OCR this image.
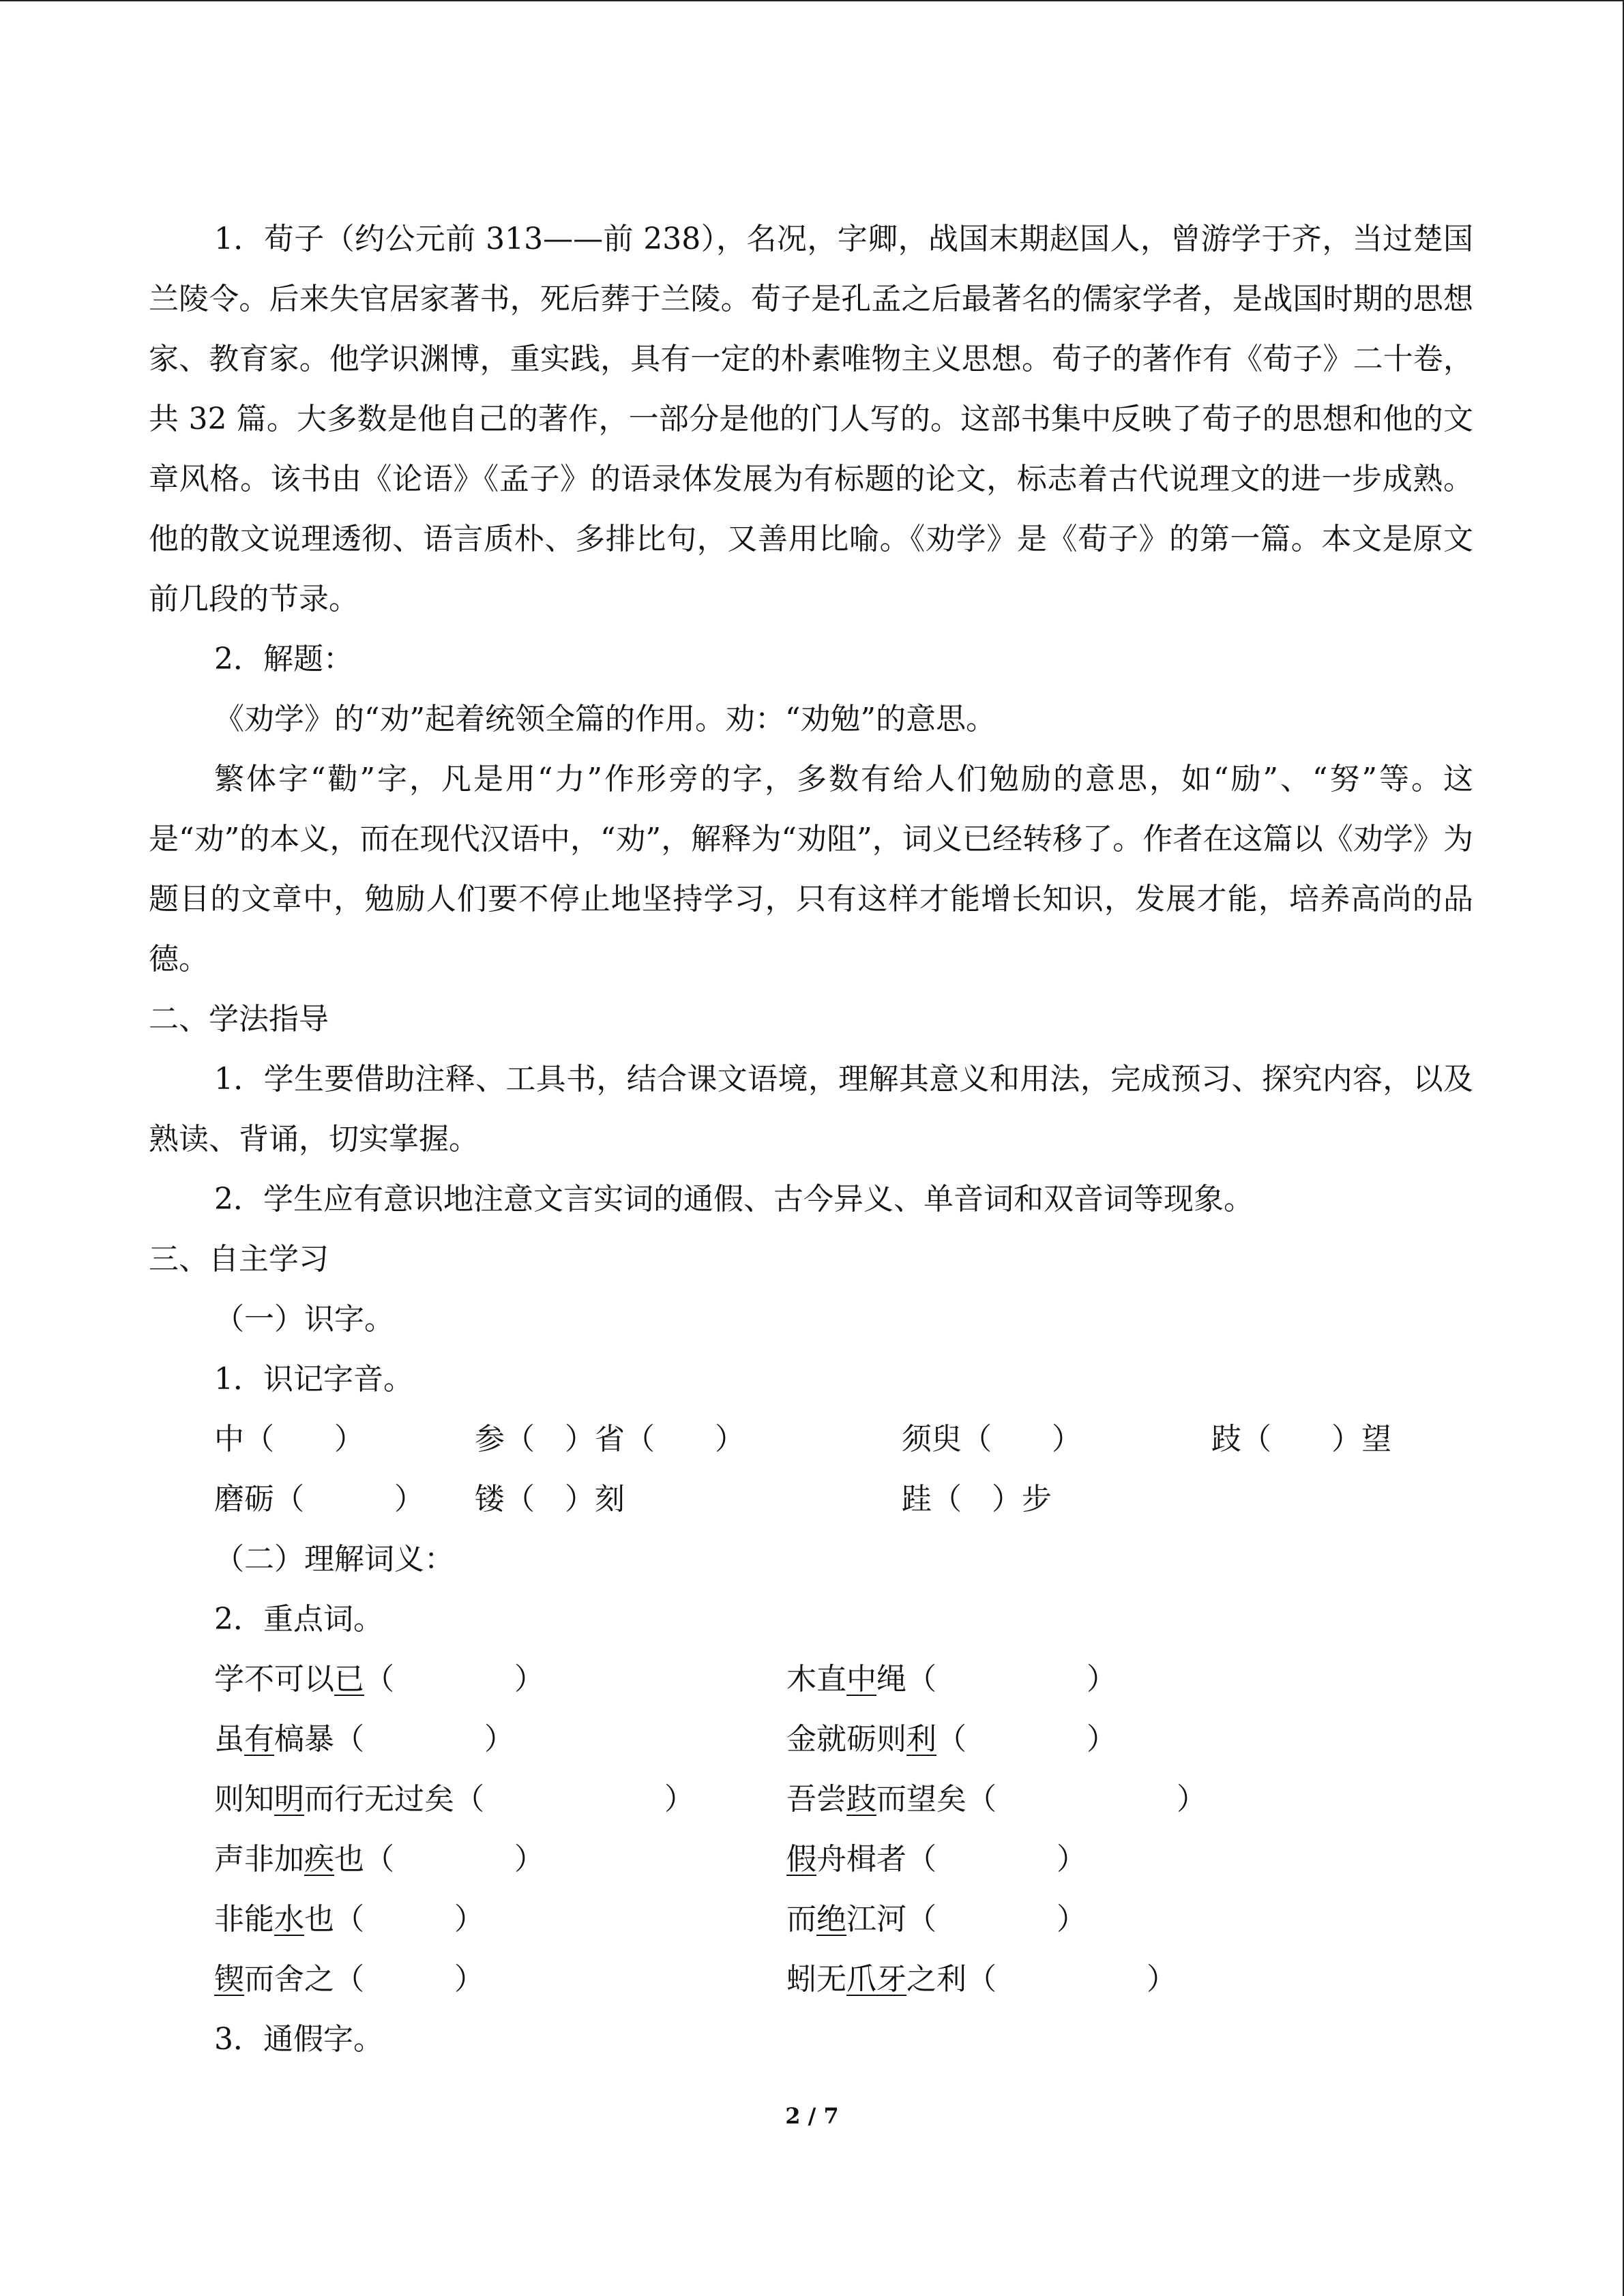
1．荀子（约公元前 313——前 238），名况，字卿，战国末期赵国人，曾游学于齐，当过楚国兰陵令。后来失官居家著书，死后葬于兰陵。荀子是孔孟之后最著名的儒家学者，是战国时期的思想家、教育家。他学识渊博，重实践，具有一定的朴素唯物主义思想。荀子的著作有《荀子》二十卷，共 32 篇。大多数是他自己的著作，一部分是他的门人写的。这部书集中反映了荀子的思想和他的文章风格。该书由《论语》《孟子》的语录体发展为有标题的论文，标志着古代说理文的进一步成熟。他的散文说理透彻、语言质朴、多排比句，又善用比喻。《劝学》是《荀子》的第一篇。本文是原文前几段的节录。

2．解题：

《劝学》的“劝”起着统领全篇的作用。劝：“劝勉”的意思。

繁体字“勸”字，凡是用“力”作形旁的字，多数有给人们勉励的意思，如“励”、“努”等。这是“劝”的本义，而在现代汉语中，“劝”，解释为“劝阻”，词义已经转移了。作者在这篇以《劝学》为题目的文章中，勉励人们要不停止地坚持学习，只有这样才能增长知识，发展才能，培养高尚的品德。

二、学法指导

1．学生要借助注释、工具书，结合课文语境，理解其意义和用法，完成预习、探究内容，以及熟读、背诵，切实掌握。

2．学生应有意识地注意文言实词的通假、古今异义、单音词和双音词等现象。

三、自主学习

（一）识字。

1．识记字音。

中（　　）	参（　）省（　　）	须臾（　　）	跂（　　）望
磨砺（　　　） 镂（　）刻	跬（　）步

（二）理解词义：

2．重点词。

学不可以已（　　　　）	木直中绳（　　　　　）
虽有槁暴（　　　　）	金就砺则利（　　　　）
则知明而行无过矣（　　　　　　）	吾尝跂而望矣（　　　　　　）
声非加疾也（　　　　）	假舟楫者（　　　　）
非能水也（　　　）	而绝江河（　　　　）
锲而舍之（　　　）	蚓无爪牙之利（　　　　　）

3．通假字。

2 / 7
